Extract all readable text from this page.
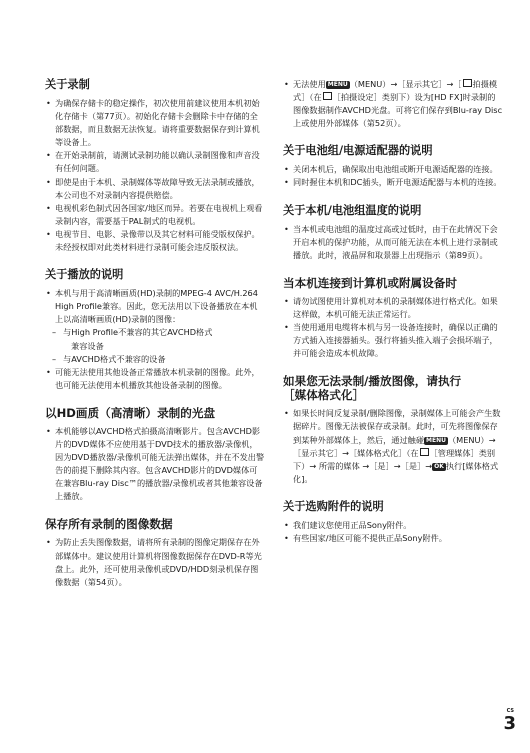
关于录制
• 为确保存储卡的稳定操作，初次使用前建议使用本机初始化存储卡（第77页）。初始化存储卡会删除卡中存储的全部数据，而且数据无法恢复。请将重要数据保存到计算机等设备上。
• 在开始录制前，请测试录制功能以确认录制图像和声音没有任何问题。
• 即使是由于本机、录制媒体等故障导致无法录制或播放，本公司也不对录制内容提供赔偿。
• 电视机彩色制式因各国家/地区而异。若要在电视机上观看录制内容，需要基于PAL制式的电视机。
• 电视节目、电影、录像带以及其它材料可能受版权保护。未经授权即对此类材料进行录制可能会违反版权法。
关于播放的说明
• 本机与用于高清晰画质(HD)录制的MPEG-4 AVC/H.264 High Profile兼容。因此，您无法用以下设备播放在本机上以高清晰画质(HD)录制的图像：
– 与High Profile不兼容的其它AVCHD格式
兼容设备
– 与AVCHD格式不兼容的设备
• 可能无法使用其他设备正常播放本机录制的图像。此外，也可能无法使用本机播放其他设备录制的图像。
以HD画质（高清晰）录制的光盘
• 本机能够以AVCHD格式拍摄高清晰影片。包含AVCHD影片的DVD媒体不应使用基于DVD技术的播放器/录像机，因为DVD播放器/录像机可能无法弹出媒体，并在不发出警告的前提下删除其内容。包含AVCHD影片的DVD媒体可在兼容Blu-ray Disc™的播放器/录像机或者其他兼容设备上播放。
保存所有录制的图像数据
• 为防止丢失图像数据，请将所有录制的图像定期保存在外部媒体中。建议使用计算机将图像数据保存在DVD-R等光盘上。此外，还可使用录像机或DVD/HDD刻录机保存图像数据（第54页）。
• 无法使用 MENU （MENU）→［显示其它］→［ 拍摄模式］（在 ［拍摄设定］类别下）设为[HD FX]时录制的图像数据制作AVCHD光盘。可将它们保存到Blu-ray Disc上或使用外部媒体（第52页）。
关于电池组/电源适配器的说明
• 关闭本机后，确保取出电池组或断开电源适配器的连接。
• 同时握住本机和DC插头，断开电源适配器与本机的连接。
关于本机/电池组温度的说明
• 当本机或电池组的温度过高或过低时，由于在此情况下会开启本机的保护功能，从而可能无法在本机上进行录制或播放。此时，液晶屏和取景器上出现指示（第89页）。
当本机连接到计算机或附属设备时
• 请勿试图使用计算机对本机的录制媒体进行格式化。如果这样做，本机可能无法正常运行。
• 当使用通用电缆将本机与另一设备连接时，确保以正确的方式插入连接器插头。强行将插头推入端子会损坏端子，并可能会造成本机故障。
如果您无法录制/播放图像，请执行
［媒体格式化］
• 如果长时间反复录制/删除图像，录制媒体上可能会产生数据碎片。图像无法被保存或录制。此时，可先将图像保存到某种外部媒体上，然后，通过触碰 MENU （MENU）→［显示其它］→［媒体格式化］（在 ［管理媒体］类别下）→ 所需的媒体 →［是］→［是］→ OK 执行[媒体格式化]。
关于选购附件的说明
• 我们建议您使用正品Sony附件。
• 有些国家/地区可能不提供正品Sony附件。
CS
3
